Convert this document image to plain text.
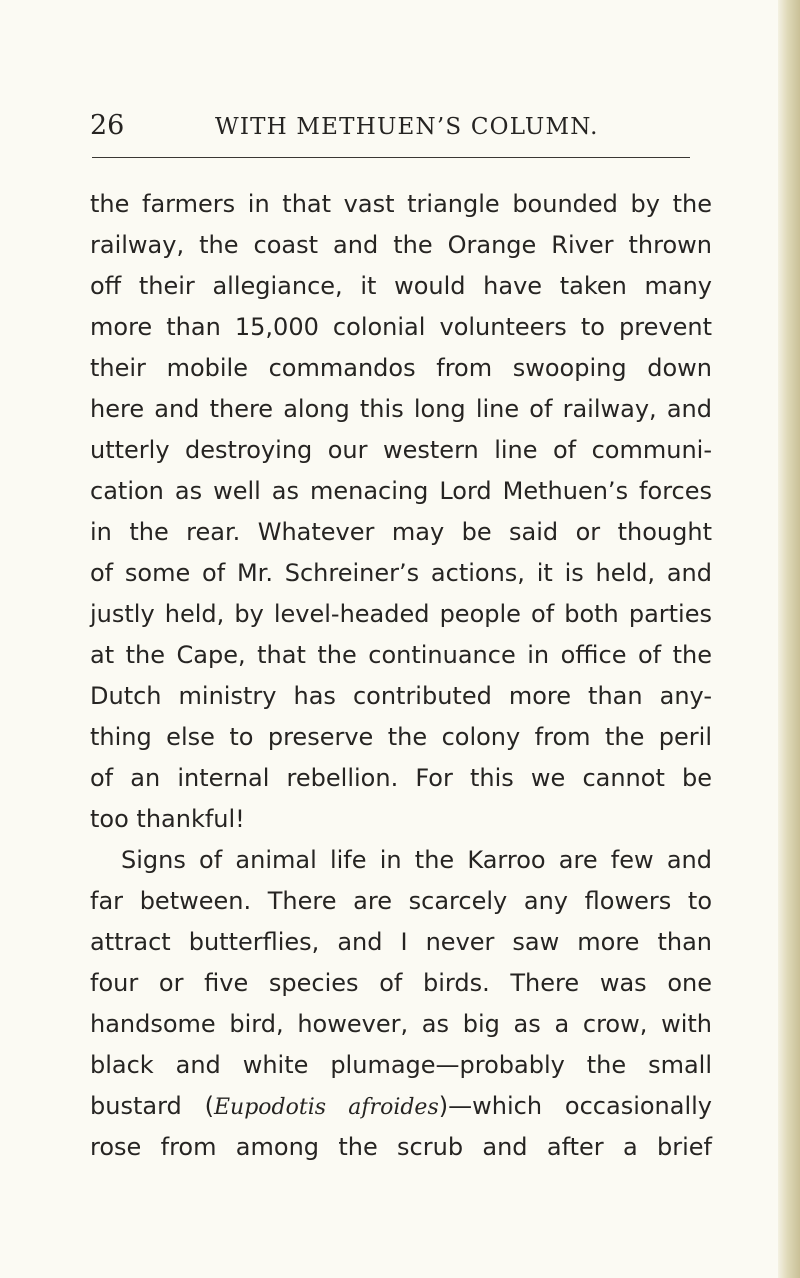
26	WITH METHUEN’S COLUMN.
the farmers in that vast triangle bounded by the
railway, the coast and the Orange River thrown
off their allegiance, it would have taken many
more than 15,000 colonial volunteers to prevent
their mobile commandos from swooping down
here and there along this long line of railway, and
utterly destroying our western line of communi-
cation as well as menacing Lord Methuen’s forces
in the rear. Whatever may be said or thought
of some of Mr. Schreiner’s actions, it is held, and
justly held, by level-headed people of both parties
at the Cape, that the continuance in office of the
Dutch ministry has contributed more than any-
thing else to preserve the colony from the peril
of an internal rebellion. For this we cannot be
too thankful!
Signs of animal life in the Karroo are few and
far between. There are scarcely any flowers to
attract butterflies, and I never saw more than
four or five species of birds. There was one
handsome bird, however, as big as a crow, with
black and white plumage—probably the small
bustard (Eupodotis afroides)—which occasionally
rose from among the scrub and after a brief
